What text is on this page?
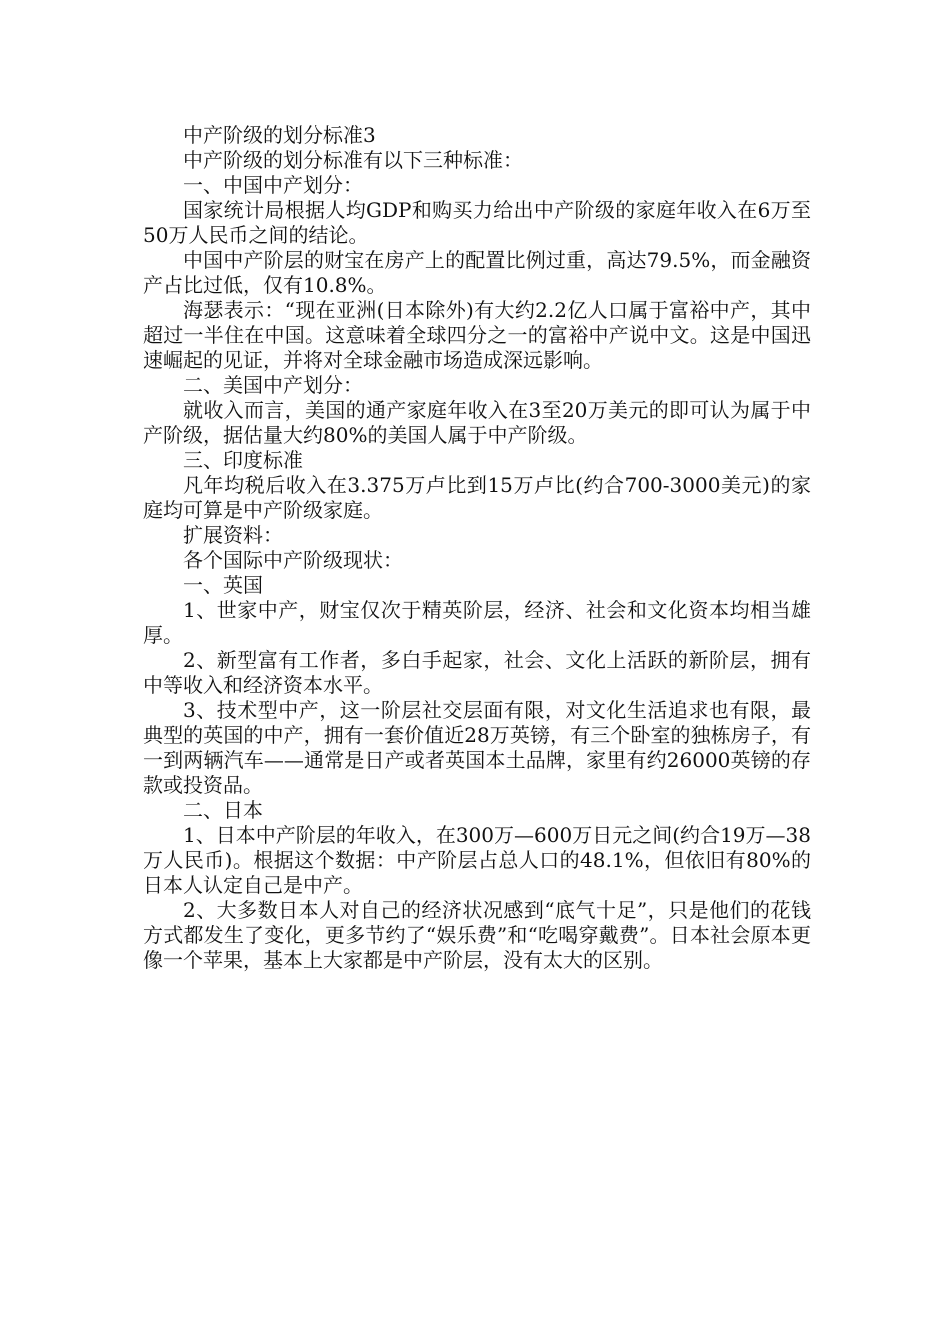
中产阶级的划分标准3

中产阶级的划分标准有以下三种标准：

一、中国中产划分：

国家统计局根据人均GDP和购买力给出中产阶级的家庭年收入在6万至50万人民币之间的结论。

中国中产阶层的财宝在房产上的配置比例过重，高达79.5%，而金融资产占比过低，仅有10.8%。

海瑟表示：“现在亚洲(日本除外)有大约2.2亿人口属于富裕中产，其中超过一半住在中国。这意味着全球四分之一的富裕中产说中文。这是中国迅速崛起的见证，并将对全球金融市场造成深远影响。

二、美国中产划分：

就收入而言，美国的通产家庭年收入在3至20万美元的即可认为属于中产阶级，据估量大约80%的美国人属于中产阶级。

三、印度标准

凡年均税后收入在3.375万卢比到15万卢比(约合700-3000美元)的家庭均可算是中产阶级家庭。

扩展资料：

各个国际中产阶级现状：

一、英国

1、世家中产，财宝仅次于精英阶层，经济、社会和文化资本均相当雄厚。

2、新型富有工作者，多白手起家，社会、文化上活跃的新阶层，拥有中等收入和经济资本水平。

3、技术型中产，这一阶层社交层面有限，对文化生活追求也有限，最典型的英国的中产，拥有一套价值近28万英镑，有三个卧室的独栋房子，有一到两辆汽车——通常是日产或者英国本土品牌，家里有约26000英镑的存款或投资品。

二、日本

1、日本中产阶层的年收入，在300万—600万日元之间(约合19万—38万人民币)。根据这个数据：中产阶层占总人口的48.1%，但依旧有80%的日本人认定自己是中产。

2、大多数日本人对自己的经济状况感到“底气十足”，只是他们的花钱方式都发生了变化，更多节约了“娱乐费”和“吃喝穿戴费”。日本社会原本更像一个苹果，基本上大家都是中产阶层，没有太大的区别。
